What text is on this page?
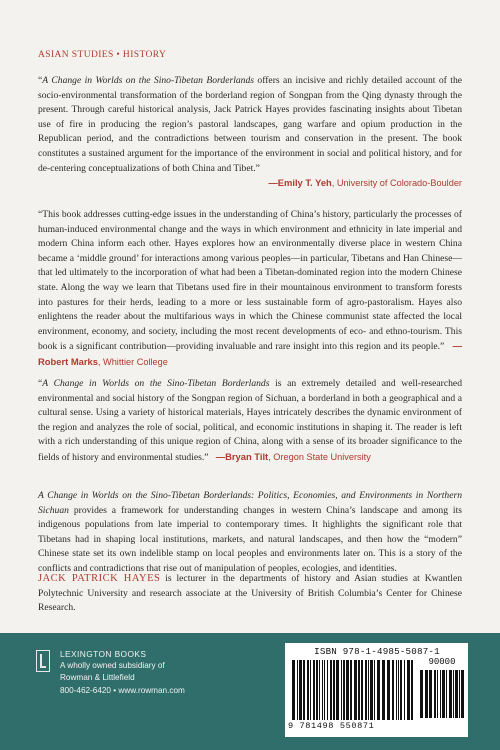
ASIAN STUDIES • HISTORY

“A Change in Worlds on the Sino-Tibetan Borderlands offers an incisive and richly detailed account of the socio-environmental transformation of the borderland region of Songpan from the Qing dynasty through the present. Through careful historical analysis, Jack Patrick Hayes provides fascinating insights about Tibetan use of fire in producing the region’s pastoral landscapes, gang warfare and opium production in the Republican period, and the contradictions between tourism and conservation in the present. The book constitutes a sustained argument for the importance of the environment in social and political history, and for de-centering conceptualizations of both China and Tibet.”

—Emily T. Yeh, University of Colorado-Boulder

“This book addresses cutting-edge issues in the understanding of China’s history, particularly the processes of human-induced environmental change and the ways in which environment and ethnicity in late imperial and modern China inform each other. Hayes explores how an environmentally diverse place in western China became a ‘middle ground’ for interactions among various peoples—in particular, Tibetans and Han Chinese—that led ultimately to the incorporation of what had been a Tibetan-dominated region into the modern Chinese state. Along the way we learn that Tibetans used fire in their mountainous environment to transform forests into pastures for their herds, leading to a more or less sustainable form of agro-pastoralism. Hayes also enlightens the reader about the multifarious ways in which the Chinese communist state affected the local environment, economy, and society, including the most recent developments of eco- and ethno-tourism. This book is a significant contribution—providing invaluable and rare insight into this region and its people.” —Robert Marks, Whittier College

“A Change in Worlds on the Sino-Tibetan Borderlands is an extremely detailed and well-researched environmental and social history of the Songpan region of Sichuan, a borderland in both a geographical and a cultural sense. Using a variety of historical materials, Hayes intricately describes the dynamic environment of the region and analyzes the role of social, political, and economic institutions in shaping it. The reader is left with a rich understanding of this unique region of China, along with a sense of its broader significance to the fields of history and environmental studies.” —Bryan Tilt, Oregon State University

A Change in Worlds on the Sino-Tibetan Borderlands: Politics, Economies, and Environments in Northern Sichuan provides a framework for understanding changes in western China’s landscape and among its indigenous populations from late imperial to contemporary times. It highlights the significant role that Tibetans had in shaping local institutions, markets, and natural landscapes, and then how the “modern” Chinese state set its own indelible stamp on local peoples and environments later on. This is a story of the conflicts and contradictions that rise out of manipulation of peoples, ecologies, and identities.

JACK PATRICK HAYES is lecturer in the departments of history and Asian studies at Kwantlen Polytechnic University and research associate at the University of British Columbia’s Center for Chinese Research.

LEXINGTON BOOKS
A wholly owned subsidiary of
Rowman & Littlefield
800-462-6420 • www.rowman.com
ISBN 978-1-4985-5087-1
90000
9 781498 550871
